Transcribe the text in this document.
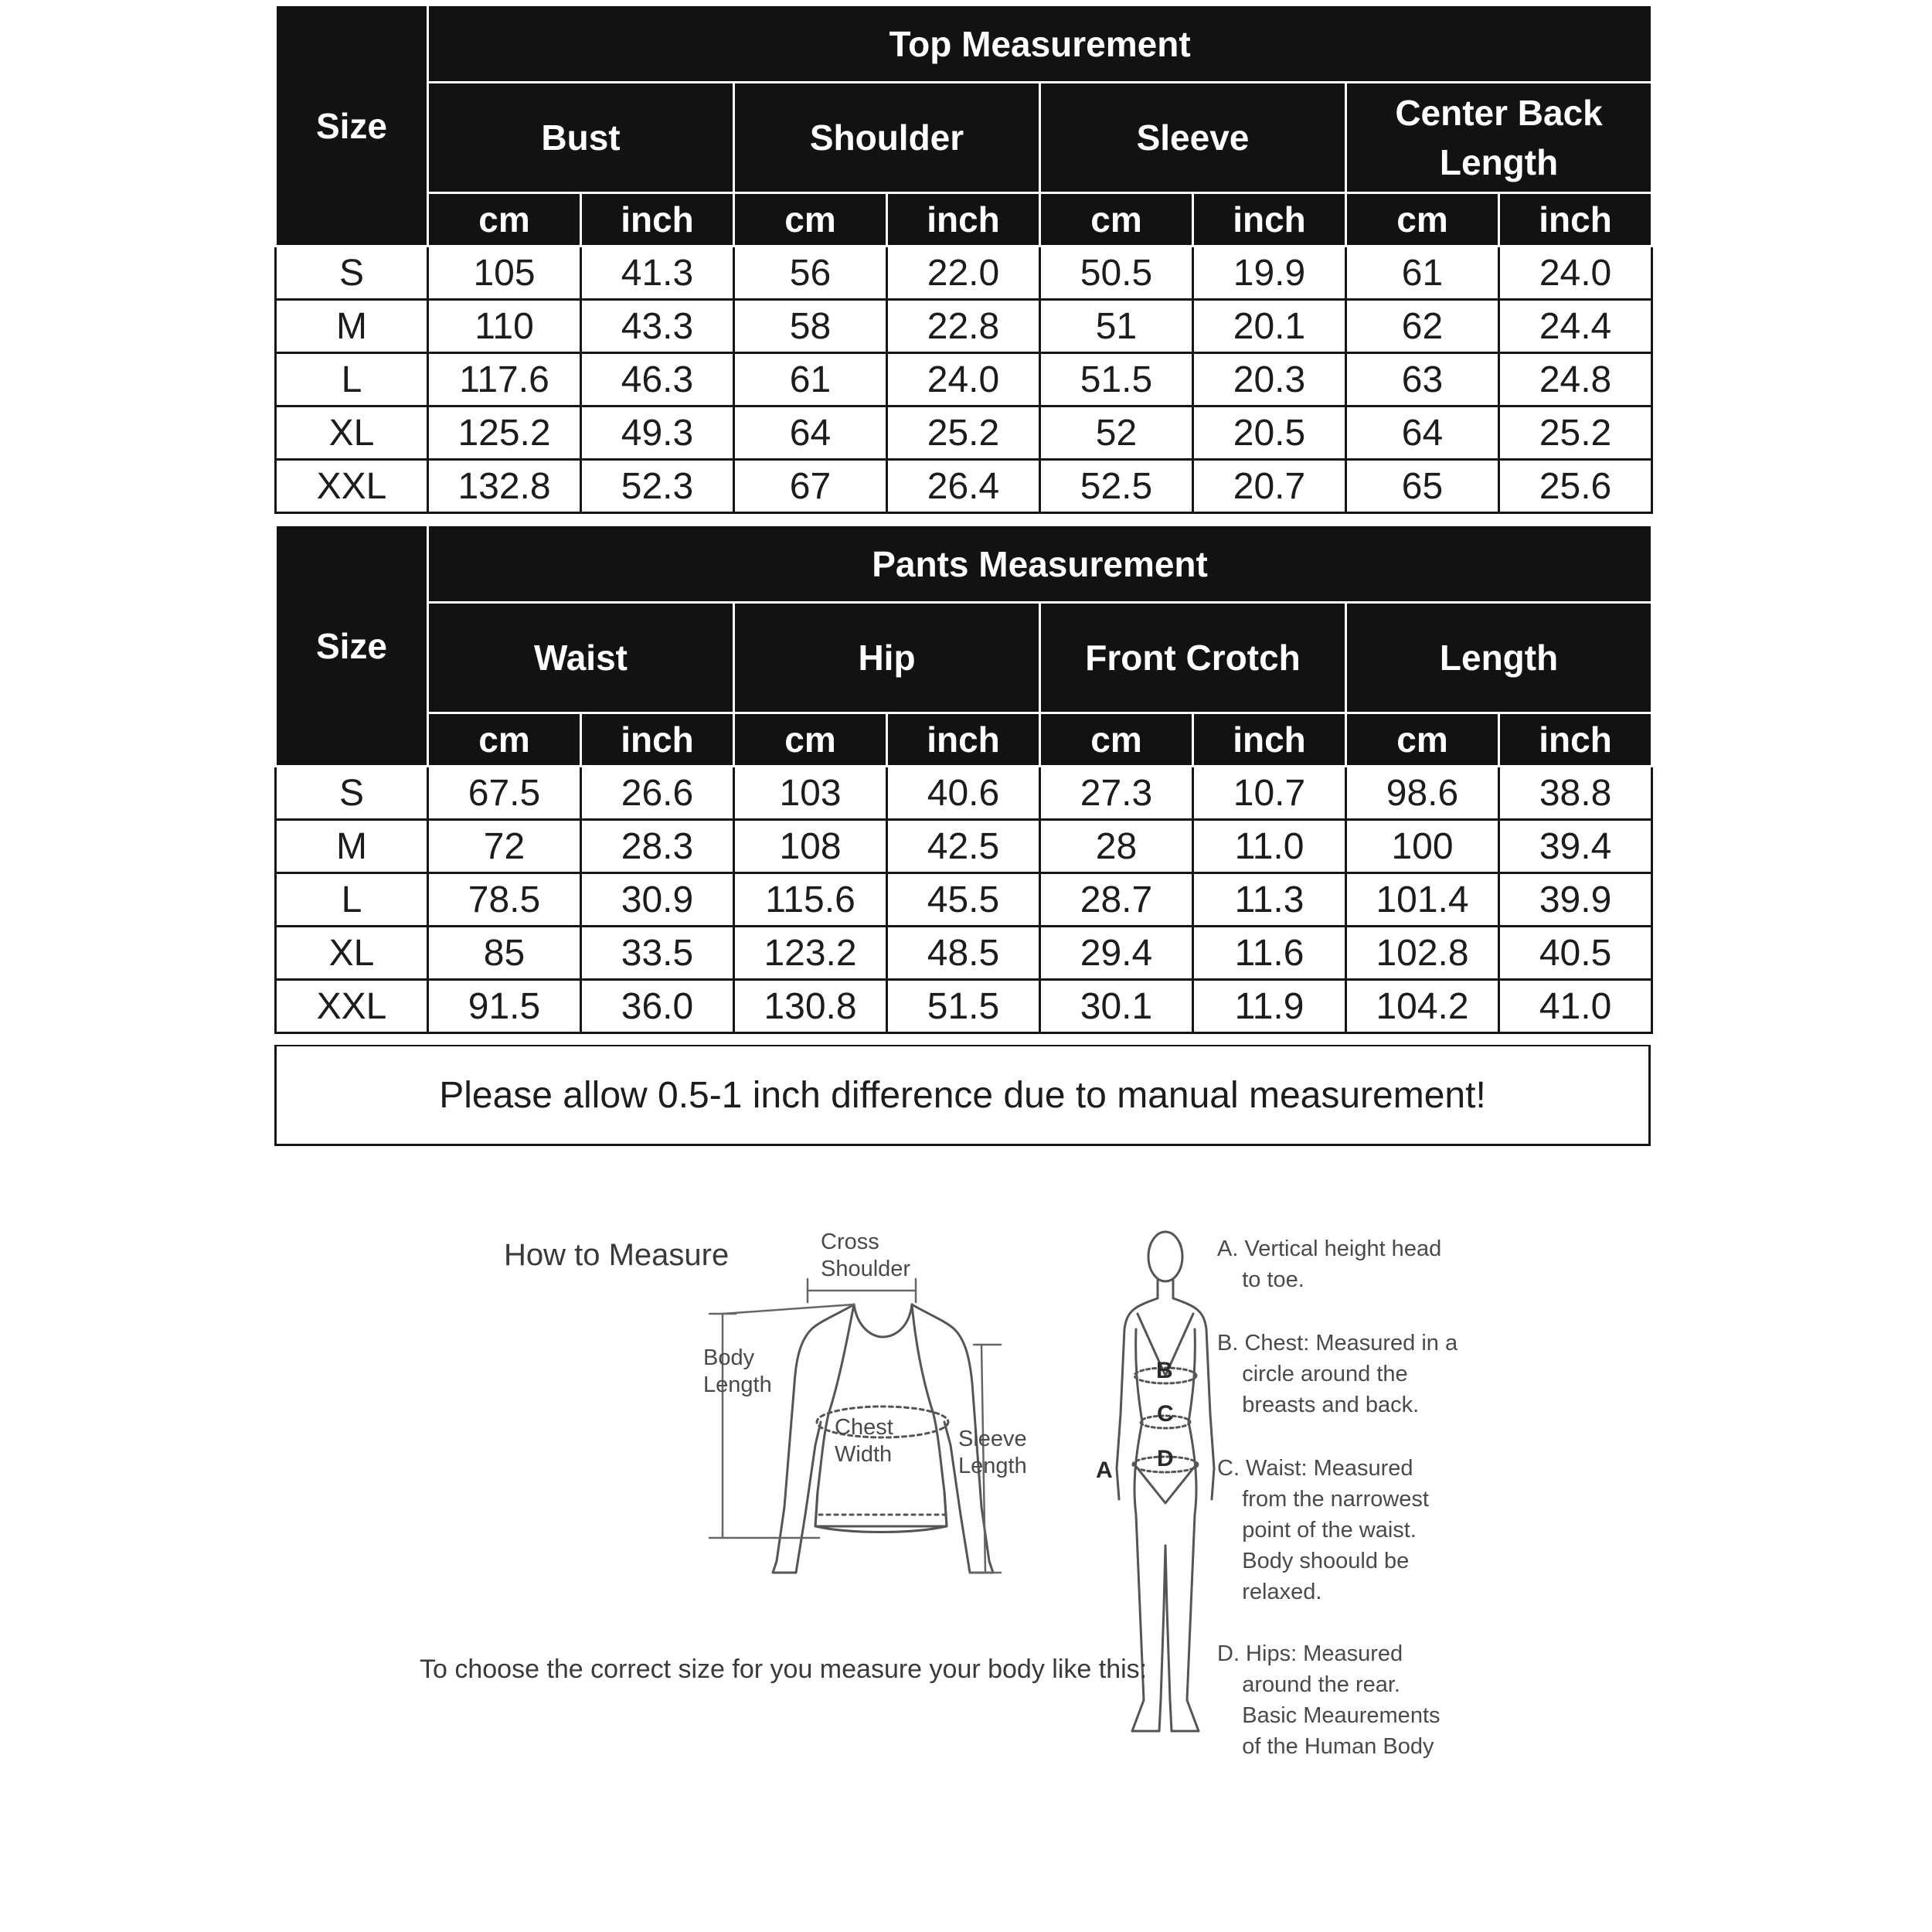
Size	Top Measurement							
	Bust		Shoulder		Sleeve		Center Back Length	
	cm	inch	cm	inch	cm	inch	cm	inch
S	105	41.3	56	22.0	50.5	19.9	61	24.0
M	110	43.3	58	22.8	51	20.1	62	24.4
L	117.6	46.3	61	24.0	51.5	20.3	63	24.8
XL	125.2	49.3	64	25.2	52	20.5	64	25.2
XXL	132.8	52.3	67	26.4	52.5	20.7	65	25.6
Size	Pants Measurement							
	Waist		Hip		Front Crotch		Length	
	cm	inch	cm	inch	cm	inch	cm	inch
S	67.5	26.6	103	40.6	27.3	10.7	98.6	38.8
M	72	28.3	108	42.5	28	11.0	100	39.4
L	78.5	30.9	115.6	45.5	28.7	11.3	101.4	39.9
XL	85	33.5	123.2	48.5	29.4	11.6	102.8	40.5
XXL	91.5	36.0	130.8	51.5	30.1	11.9	104.2	41.0
Please allow 0.5-1 inch difference due to manual measurement!
How to Measure
To choose the correct size for you measure your body like this:
Cross
Shoulder
Body
Length
Chest
Width
Sleeve
Length	A
B
C
D
A. Vertical height head
to toe.
B. Chest: Measured in a
circle around the
breasts and back.
C. Waist: Measured
from the narrowest
point of the waist.
Body shoould be
relaxed.
D. Hips: Measured
around the rear.
Basic Meaurements
of the Human Body
